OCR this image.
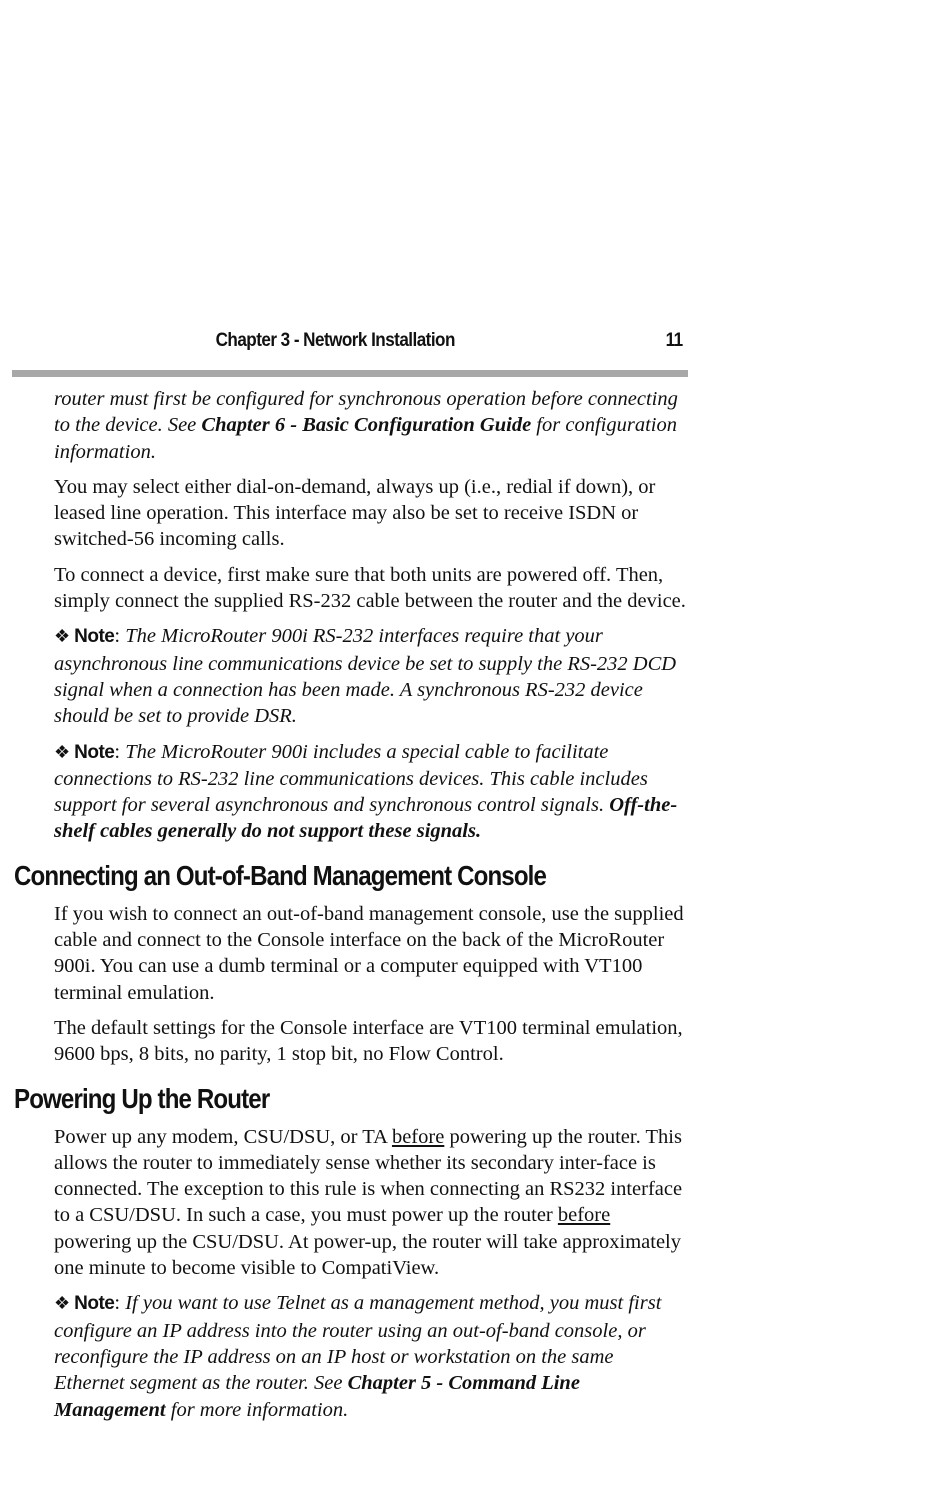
Chapter 3 - Network Installation	11

router must first be configured for synchronous operation before connecting to the device. See Chapter 6 - Basic Configuration Guide for configuration information.

You may select either dial-on-demand, always up (i.e., redial if down), or leased line operation. This interface may also be set to receive ISDN or switched-56 incoming calls.

To connect a device, first make sure that both units are powered off. Then, simply connect the supplied RS-232 cable between the router and the device.

❖ Note: The MicroRouter 900i RS-232 interfaces require that your asynchronous line communications device be set to supply the RS-232 DCD signal when a connection has been made. A synchronous RS-232 device should be set to provide DSR.

❖ Note: The MicroRouter 900i includes a special cable to facilitate connections to RS-232 line communications devices. This cable includes support for several asynchronous and synchronous control signals. Off-the-shelf cables generally do not support these signals.

Connecting an Out-of-Band Management Console

If you wish to connect an out-of-band management console, use the supplied cable and connect to the Console interface on the back of the MicroRouter 900i. You can use a dumb terminal or a computer equipped with VT100 terminal emulation.

The default settings for the Console interface are VT100 terminal emulation, 9600 bps, 8 bits, no parity, 1 stop bit, no Flow Control.

Powering Up the Router

Power up any modem, CSU/DSU, or TA before powering up the router. This allows the router to immediately sense whether its secondary inter-face is connected. The exception to this rule is when connecting an RS232 interface to a CSU/DSU. In such a case, you must power up the router before powering up the CSU/DSU. At power-up, the router will take approximately one minute to become visible to CompatiView.

❖ Note: If you want to use Telnet as a management method, you must first configure an IP address into the router using an out-of-band console, or reconfigure the IP address on an IP host or workstation on the same Ethernet segment as the router. See Chapter 5 - Command Line Management for more information.
